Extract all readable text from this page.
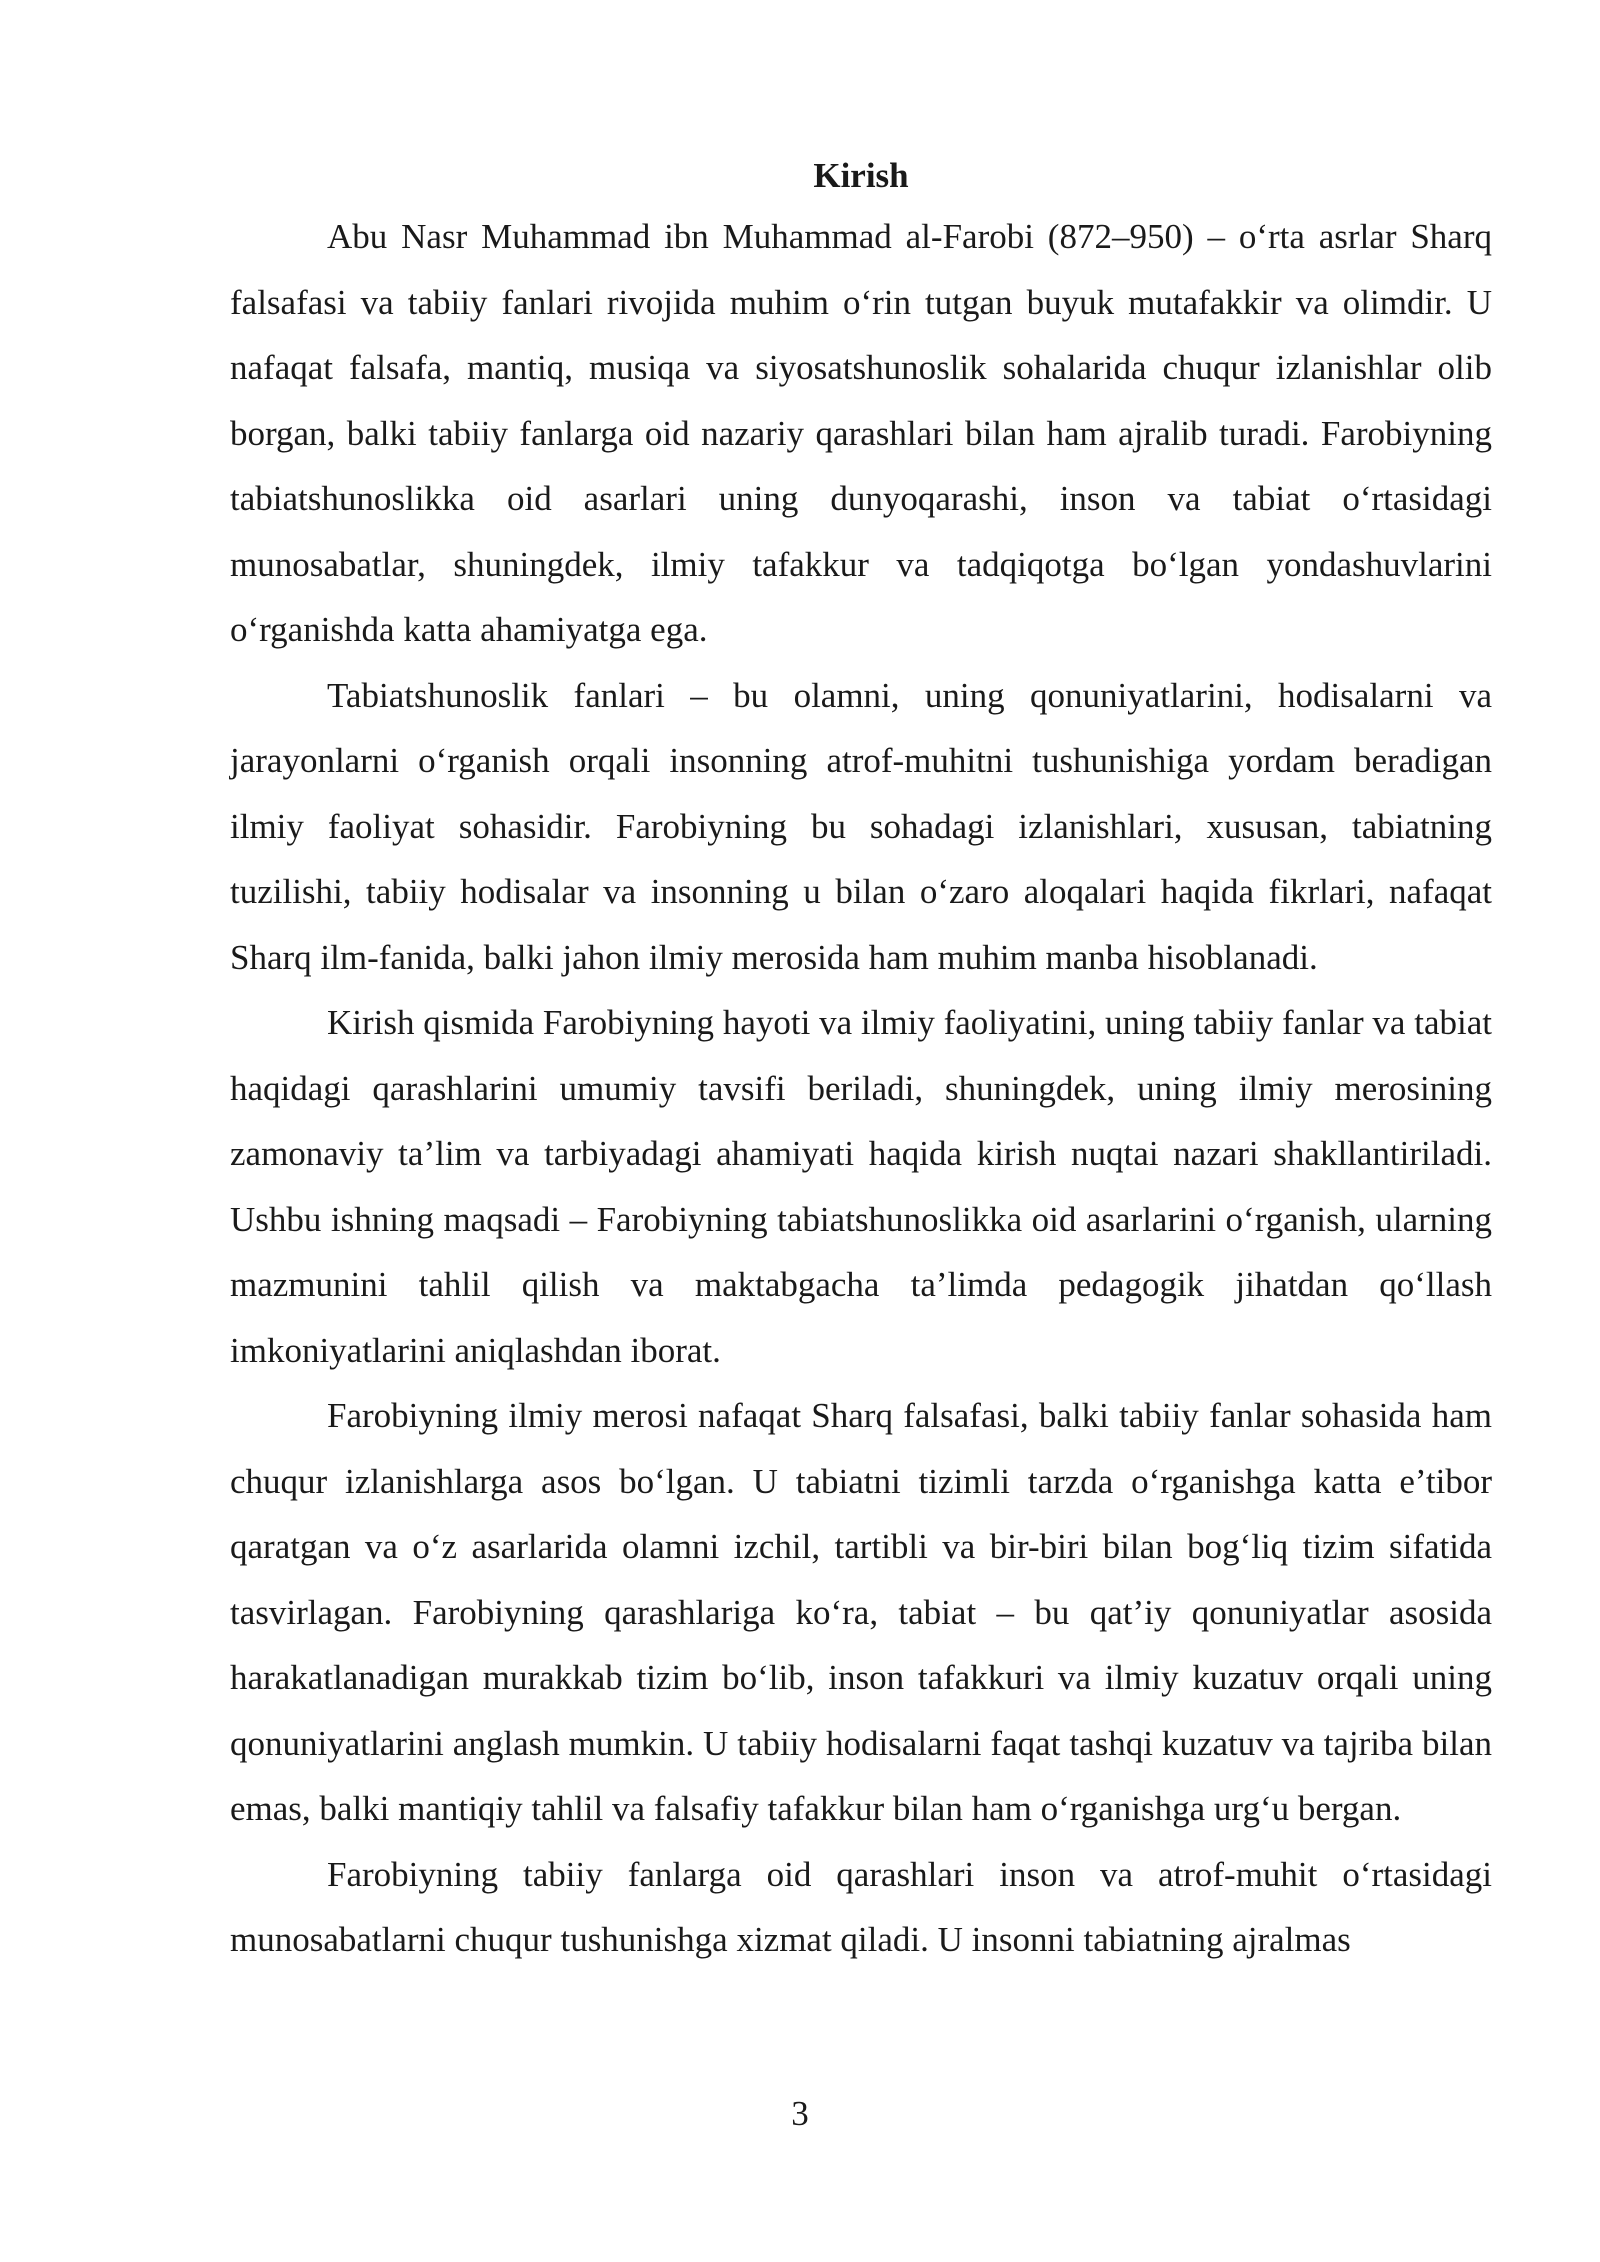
Kirish

Abu Nasr Muhammad ibn Muhammad al-Farobi (872–950) – o‘rta asrlar Sharq falsafasi va tabiiy fanlari rivojida muhim o‘rin tutgan buyuk mutafakkir va olimdir. U nafaqat falsafa, mantiq, musiqa va siyosatshunoslik sohalarida chuqur izlanishlar olib borgan, balki tabiiy fanlarga oid nazariy qarashlari bilan ham ajralib turadi. Farobiyning tabiatshunoslikka oid asarlari uning dunyoqarashi, inson va tabiat o‘rtasidagi munosabatlar, shuningdek, ilmiy tafakkur va tadqiqotga bo‘lgan yondashuvlarini o‘rganishda katta ahamiyatga ega.

Tabiatshunoslik fanlari – bu olamni, uning qonuniyatlarini, hodisalarni va jarayonlarni o‘rganish orqali insonning atrof-muhitni tushunishiga yordam beradigan ilmiy faoliyat sohasidir. Farobiyning bu sohadagi izlanishlari, xususan, tabiatning tuzilishi, tabiiy hodisalar va insonning u bilan o‘zaro aloqalari haqida fikrlari, nafaqat Sharq ilm-fanida, balki jahon ilmiy merosida ham muhim manba hisoblanadi.

Kirish qismida Farobiyning hayoti va ilmiy faoliyatini, uning tabiiy fanlar va tabiat haqidagi qarashlarini umumiy tavsifi beriladi, shuningdek, uning ilmiy merosining zamonaviy ta’lim va tarbiyadagi ahamiyati haqida kirish nuqtai nazari shakllantiriladi. Ushbu ishning maqsadi – Farobiyning tabiatshunoslikka oid asarlarini o‘rganish, ularning mazmunini tahlil qilish va maktabgacha ta’limda pedagogik jihatdan qo‘llash imkoniyatlarini aniqlashdan iborat.

Farobiyning ilmiy merosi nafaqat Sharq falsafasi, balki tabiiy fanlar sohasida ham chuqur izlanishlarga asos bo‘lgan. U tabiatni tizimli tarzda o‘rganishga katta e’tibor qaratgan va o‘z asarlarida olamni izchil, tartibli va bir-biri bilan bog‘liq tizim sifatida tasvirlagan. Farobiyning qarashlariga ko‘ra, tabiat – bu qat’iy qonuniyatlar asosida harakatlanadigan murakkab tizim bo‘lib, inson tafakkuri va ilmiy kuzatuv orqali uning qonuniyatlarini anglash mumkin. U tabiiy hodisalarni faqat tashqi kuzatuv va tajriba bilan emas, balki mantiqiy tahlil va falsafiy tafakkur bilan ham o‘rganishga urg‘u bergan.

Farobiyning tabiiy fanlarga oid qarashlari inson va atrof-muhit o‘rtasidagi munosabatlarni chuqur tushunishga xizmat qiladi. U insonni tabiatning ajralmas

3
